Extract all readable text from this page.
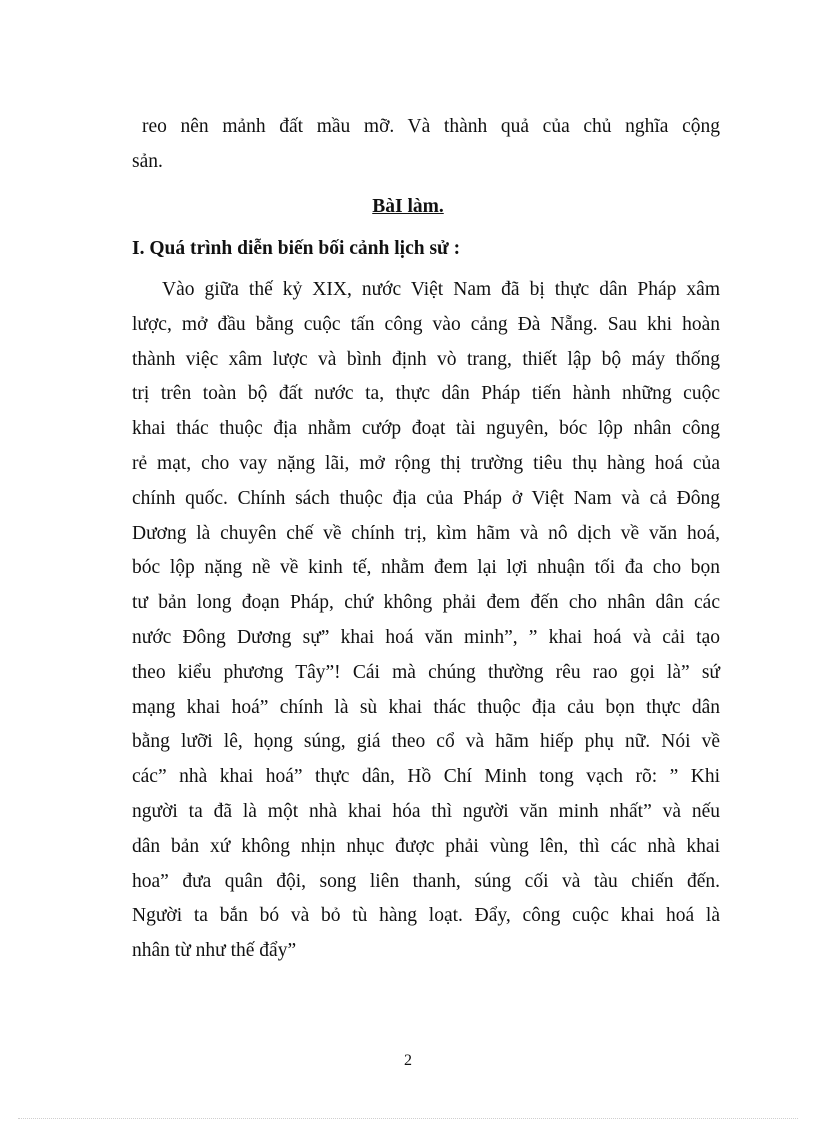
reo nên mảnh đất mầu mỡ. Và thành quả của chủ nghĩa cộng
sản.
BàI làm.
I. Quá trình diễn biến bối cảnh lịch sử :
Vào giữa thế kỷ XIX, nước Việt Nam đã bị thực dân Pháp xâm
lược, mở đầu bằng cuộc tấn công vào cảng Đà Nẵng. Sau khi hoàn
thành việc xâm lược và bình định vò trang, thiết lập bộ máy thống
trị trên toàn bộ đất nước ta, thực dân Pháp tiến hành những cuộc
khai thác thuộc địa nhằm cướp đoạt tài nguyên, bóc lộp nhân công
rẻ mạt, cho vay nặng lãi, mở rộng thị trường tiêu thụ hàng hoá của
chính quốc. Chính sách thuộc địa của Pháp ở Việt Nam và cả Đông
Dương là chuyên chế về chính trị, kìm hãm và nô dịch về văn hoá,
bóc lộp nặng nề về kinh tế, nhằm đem lại lợi nhuận tối đa cho bọn
tư bản long đoạn Pháp, chứ không phải đem đến cho nhân dân các
nước Đông Dương sự” khai hoá văn minh”, ” khai hoá và cải tạo
theo kiểu phương Tây”! Cái mà chúng thường rêu rao gọi là” sứ
mạng khai hoá” chính là sù khai thác thuộc địa cảu bọn thực dân
bằng lưỡi lê, họng súng, giá theo cổ và hãm hiếp phụ nữ. Nói về
các” nhà khai hoá” thực dân, Hồ Chí Minh tong vạch rõ: ” Khi
người ta đã là một nhà khai hóa thì người văn minh nhất” và nếu
dân bản xứ không nhịn nhục được phải vùng lên, thì các nhà khai
hoa” đưa quân đội, song liên thanh, súng cối và tàu chiến đến.
Người ta bắn bó và bỏ tù hàng loạt. Đẩy, công cuộc khai hoá là
nhân từ như thế đẩy”
2
